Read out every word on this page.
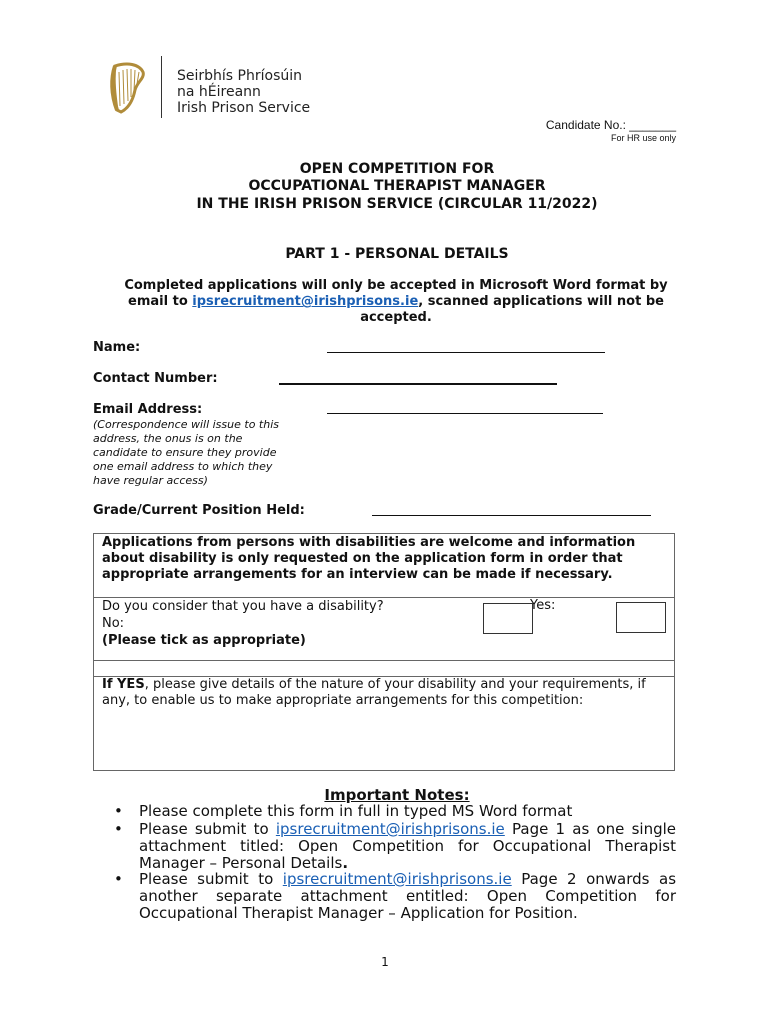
Seirbhís Phríosúin
na hÉireann
Irish Prison Service
Candidate No.: _______
For HR use only
OPEN COMPETITION FOR
OCCUPATIONAL THERAPIST MANAGER
IN THE IRISH PRISON SERVICE (CIRCULAR 11/2022)
PART 1 - PERSONAL DETAILS
Completed applications will only be accepted in Microsoft Word format by email to ipsrecruitment@irishprisons.ie, scanned applications will not be accepted.
Name:
Contact Number:
Email Address:
(Correspondence will issue to this address, the onus is on the candidate to ensure they provide one email address to which they have regular access)
Grade/Current Position Held:
Applications from persons with disabilities are welcome and information about disability is only requested on the application form in order that appropriate arrangements for an interview can be made if necessary.
Do you consider that you have a disability?
No:
(Please tick as appropriate)
Yes:
If YES, please give details of the nature of your disability and your requirements, if any, to enable us to make appropriate arrangements for this competition:
Important Notes:
• Please complete this form in full in typed MS Word format
• Please submit to ipsrecruitment@irishprisons.ie Page 1 as one single attachment titled: Open Competition for Occupational Therapist Manager – Personal Details.
• Please submit to ipsrecruitment@irishprisons.ie Page 2 onwards as another separate attachment entitled: Open Competition for Occupational Therapist Manager – Application for Position.
1
